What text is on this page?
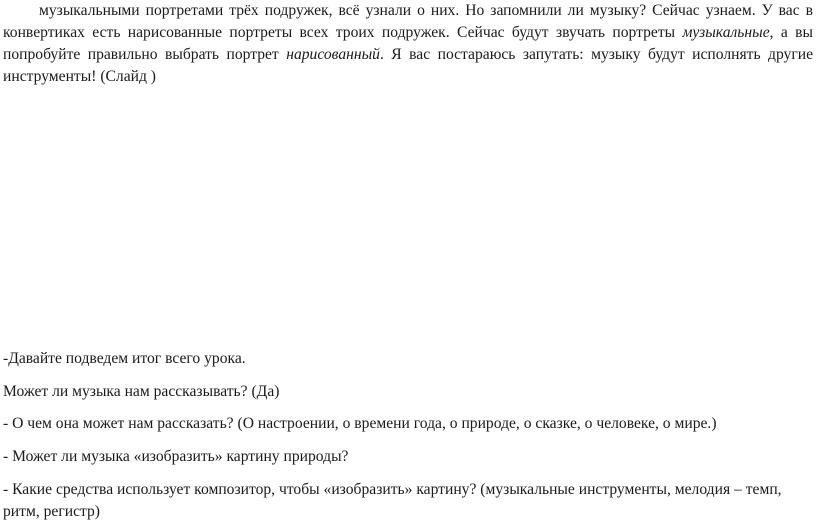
музыкальными портретами трёх подружек, всё узнали о них. Но запомнили ли музыку? Сейчас узнаем. У вас в конвертиках есть нарисованные портреты всех троих подружек. Сейчас будут звучать портреты музыкальные, а вы попробуйте правильно выбрать портрет нарисованный. Я вас постараюсь запутать: музыку будут исполнять другие инструменты! (Слайд )

-Давайте подведем итог всего урока.

Может ли музыка нам рассказывать? (Да)

- О чем она может нам рассказать? (О настроении, о времени года, о природе, о сказке, о человеке, о мире.)

- Может ли музыка «изобразить» картину природы?

- Какие средства использует композитор, чтобы «изобразить» картину? (музыкальные инструменты, мелодия – темп, ритм, регистр)
